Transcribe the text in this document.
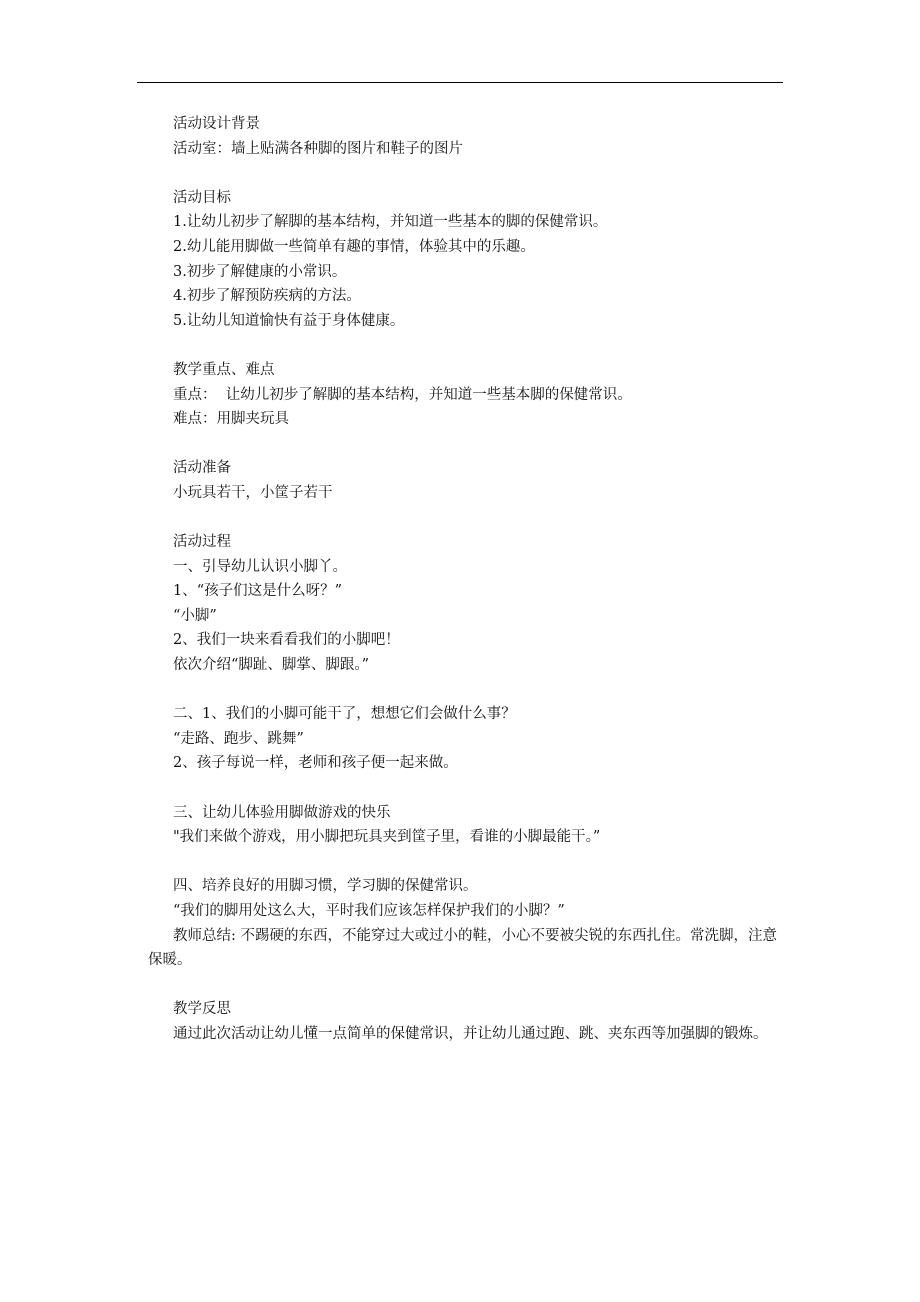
活动设计背景
活动室：墙上贴满各种脚的图片和鞋子的图片
活动目标
1.让幼儿初步了解脚的基本结构，并知道一些基本的脚的保健常识。
2.幼儿能用脚做一些简单有趣的事情，体验其中的乐趣。
3.初步了解健康的小常识。
4.初步了解预防疾病的方法。
5.让幼儿知道愉快有益于身体健康。
教学重点、难点
重点：  让幼儿初步了解脚的基本结构，并知道一些基本脚的保健常识。
难点：用脚夹玩具
活动准备
小玩具若干，小筐子若干
活动过程
一、引导幼儿认识小脚丫。
1、“孩子们这是什么呀？”
“小脚”
2、我们一块来看看我们的小脚吧！
依次介绍“脚趾、脚掌、脚跟。”
二、1、我们的小脚可能干了，想想它们会做什么事？
“走路、跑步、跳舞”
2、孩子每说一样，老师和孩子便一起来做。
三、让幼儿体验用脚做游戏的快乐
"我们来做个游戏，用小脚把玩具夹到筐子里，看谁的小脚最能干。”
四、培养良好的用脚习惯，学习脚的保健常识。
“我们的脚用处这么大，平时我们应该怎样保护我们的小脚？”
教师总结: 不踢硬的东西，不能穿过大或过小的鞋，小心不要被尖锐的东西扎住。常洗脚，注意保暖。
教学反思
通过此次活动让幼儿懂一点简单的保健常识，并让幼儿通过跑、跳、夹东西等加强脚的锻炼。
